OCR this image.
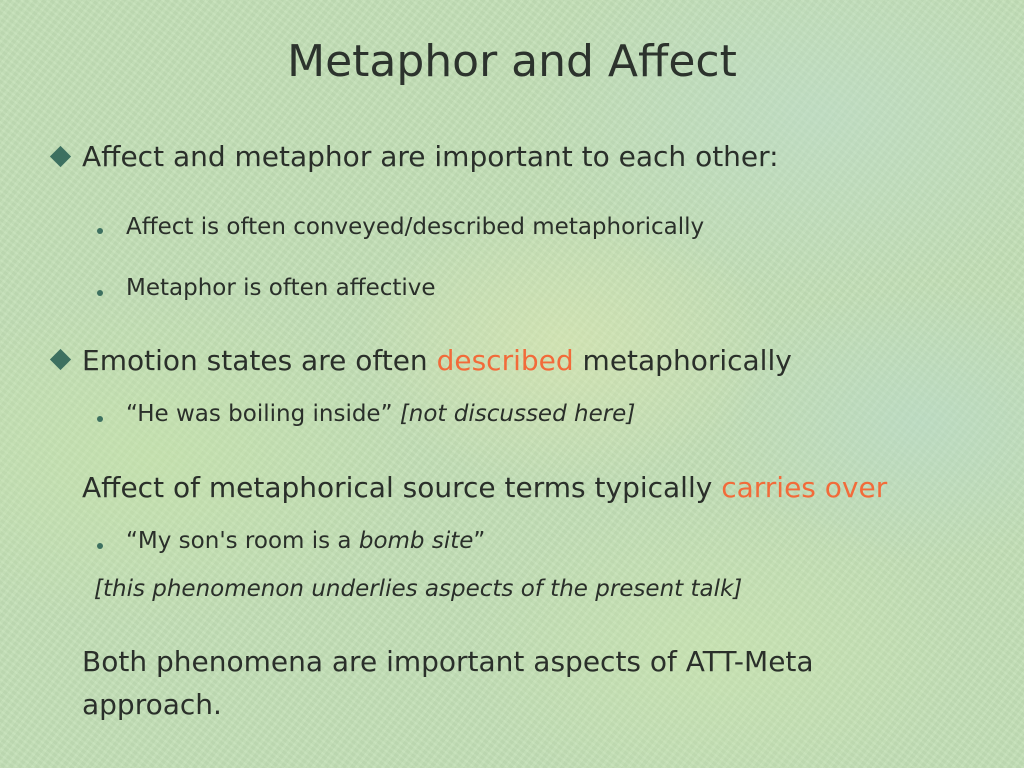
Metaphor and Affect
Affect and metaphor are important to each other:
Affect is often conveyed/described metaphorically
Metaphor is often affective
Emotion states are often described metaphorically
“He was boiling inside” [not discussed here]
Affect of metaphorical source terms typically carries over
“My son's room is a bomb site”
[this phenomenon underlies aspects of the present talk]
Both phenomena are important aspects of ATT-Meta
approach.
